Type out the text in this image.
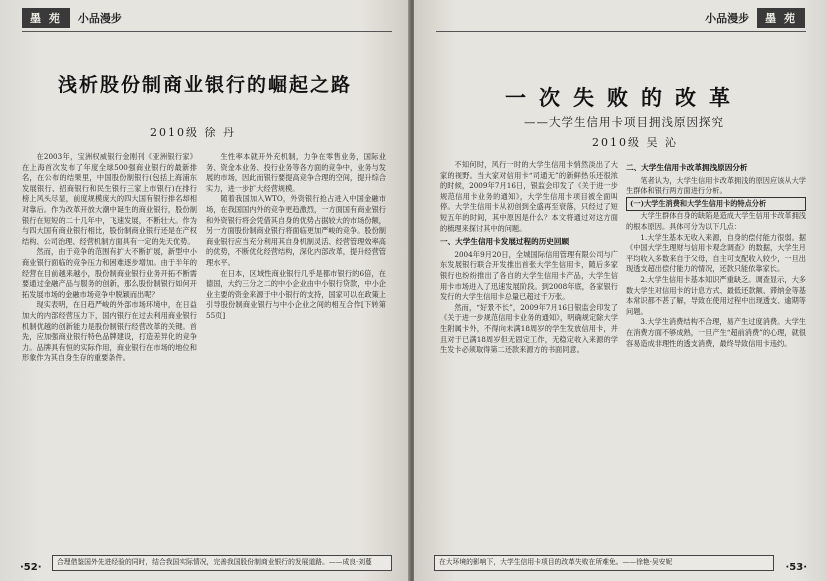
墨 苑	小品漫步
浅析股份制商业银行的崛起之路
2010级 徐 丹

在2003年，宝洲权威银行金刚刊《亚洲银行家》在上海首次发布了年度全球500强商业银行的最新排名，在公布的结果里，中国股份制银行(包括上海浦东发展银行、招商银行和民生银行三家上市银行)在排行榜上风头尽显，前度规模庞大的四大国有银行排名却相对靠后。作为改革开放大潮中诞生的商业银行，股份制银行在短短的二十几年中，飞速发展，不断壮大。作为与四大国有商业银行相比，股份制商业银行还是在产权结构、公司治理、经营机制方面具有一定的先天优势。

然而，由于竞争的范围有扩大不断扩展，新型中小商业银行面临的竞争压力和困难逐步增加。由于半年的经营在目前越来越小，股份制商业银行业务开拓不断需要通过金融产品与服务的创新，那么股份制银行如何开拓发展市场的金融市场竞争中脱颖而出呢？

现实表明，在日趋严峻的外部市场环境中，在日益加大的内部经营压力下，国内银行在过去利用商业银行机制优越的创新能力是股份制银行经营改革的关键。首先，应加强商业银行特色品牌建设，打造差异化的竞争力。品牌具有恒的实际作用，商业银行在市场的地位和形象作为其自身生存的重要条件。

生性率本就开外充机制，力争在零售业务，国际业务、资金本业务、投行业务等各方面的竞争中，业务与发展的市场，因此而银行要提高竞争合理的空间，提升综合实力，进一步扩大经营规模。

随着我国加入WTO，外资银行抢占进入中国金融市场，在我国国内外的竞争更趋激烈，一方面国有商业银行和外资银行将会凭借其自身的优势占据较大的市场份额，另一方面股份制商业银行将面临更加严峻的竞争。股份制商业银行应当充分利用其自身机制灵活、经营管理效率高的优势，不断优化经营结构，深化内部改革，提升经营管理水平。

在日本，区域性商业银行几乎是都市银行的6倍，在德国，大约三分之二的中小企业由中小银行贷款，中小企业主要的资金来源于中小银行的支持，国家可以在政策上引导股份制商业银行与中小企业之间的相互合作[下转第55页]

·52·	合理借鉴国外先进经验的同时，结合我国实际情况，完善我国股份制商业银行的发展道路。——成良·刘蔓
小品漫步	墨 苑
一次失败的改革
——大学生信用卡项目拥浅原因探究
2010级 吴 沁

不知何时，风行一时的大学生信用卡悄然淡出了大家的视野。当大家对信用卡“司通无”的新鲜热乐还很浓的时候，2009年7月16日，银监会印发了《关于进一步规范信用卡业务的通知》，大学生信用卡项目被全面叫停。大学生信用卡从初创到全盛再至衰落，只经过了短短五年的时间，其中原因是什么？本文将通过对这方面的梳理来探讨其中的问题。

一、大学生信用卡发展过程的历史回顾

2004年9月20日，全城国际信用管理有限公司与广东发展银行联合开发推出首张大学生信用卡，随后多家银行也纷纷推出了各自的大学生信用卡产品，大学生信用卡市场进入了迅速发展阶段。到2008年底，各家银行发行的大学生信用卡总量已超过千万张。

然而，“好景不长”，2009年7月16日银监会印发了《关于进一步规范信用卡业务的通知》，明确规定除大学生附属卡外，不得向未满18周岁的学生发放信用卡，并且对于已满18周岁但无固定工作，无稳定收入来源的学生发卡必须取得第二还款来源方的书面同意。

二、大学生信用卡改革拥浅原因分析

笔者认为，大学生信用卡改革拥浅的原因应该从大学生群体和银行两方面进行分析。

(一)大学生消费和大学生信用卡的特点分析

大学生群体自身的缺陷是造成大学生信用卡改革拥浅的根本原因。具体可分为以下几点：

1.大学生基本无收入来源，自身的偿付能力很弱。据《中国大学生理财与信用卡观念调查》的数据，大学生月平均收入多数来自于父母，自主可支配收入较少，一旦出现透支超出偿付能力的情况，还款只能依靠家长。

2.大学生信用卡基本知识严重缺乏。调查显示，大多数大学生对信用卡的计息方式、最低还款额、滞纳金等基本常识都不甚了解，导致在使用过程中出现透支、逾期等问题。

3.大学生消费结构不合理，易产生过度消费。大学生在消费方面不够成熟，一旦产生“超前消费”的心理，就很容易造成非理性的透支消费，最终导致信用卡违约。

在大环境的影响下，大学生信用卡项目的改革失败在所难免。——徐艳·吴安妮	·53·
